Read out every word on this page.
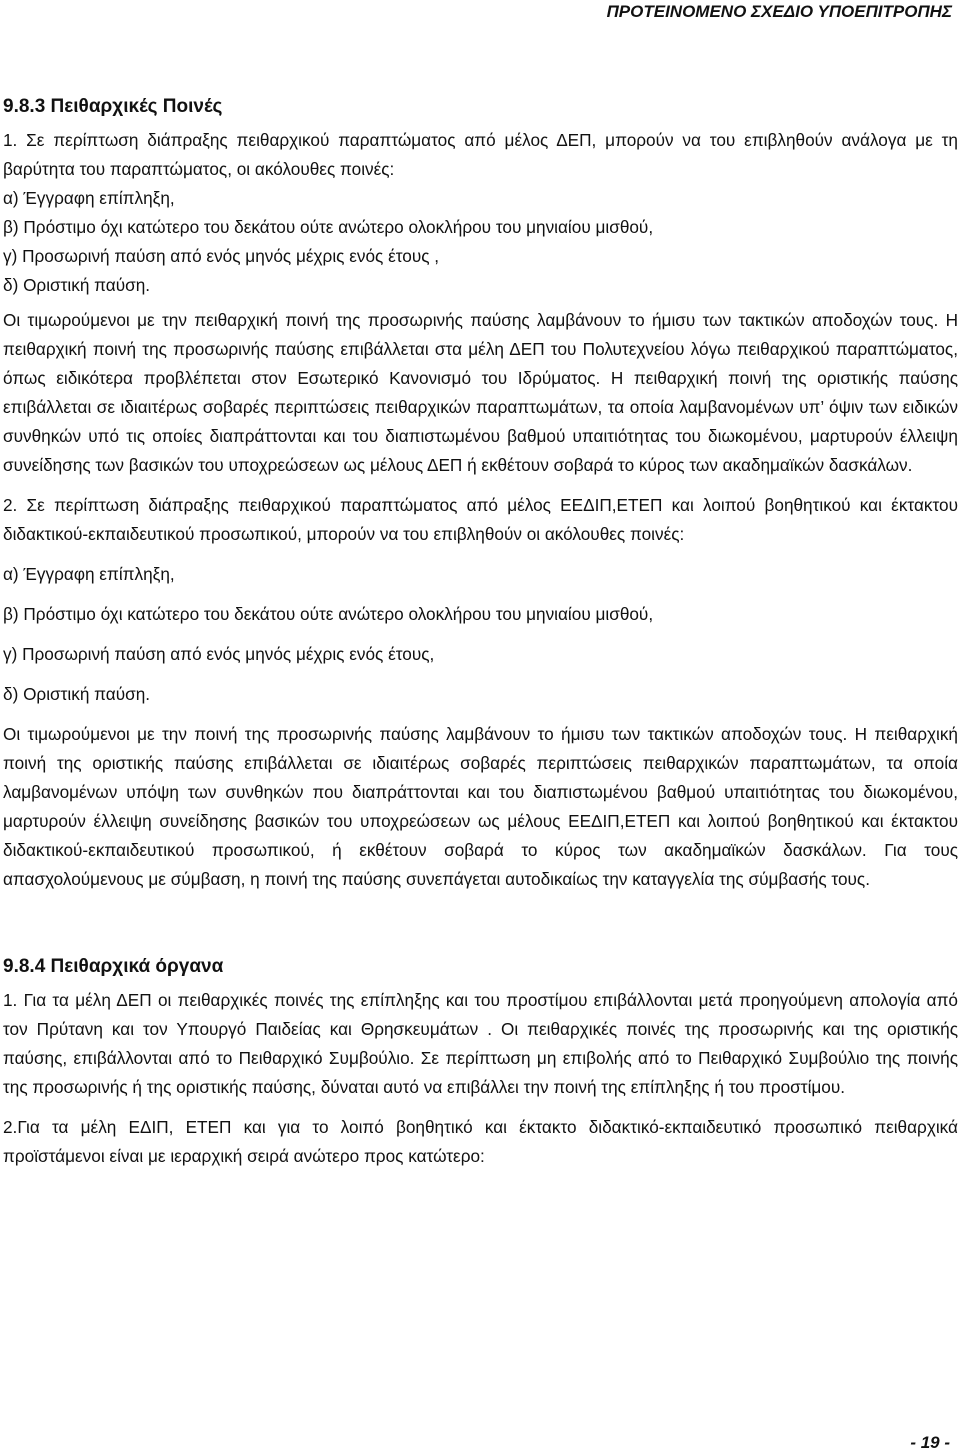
ΠΡΟΤΕΙΝΟΜΕΝΟ ΣΧΕΔΙΟ ΥΠΟΕΠΙΤΡΟΠΗΣ
9.8.3 Πειθαρχικές Ποινές

1. Σε περίπτωση διάπραξης πειθαρχικού παραπτώματος από μέλος ΔΕΠ, μπορούν να του επιβληθούν ανάλογα με τη βαρύτητα του παραπτώματος, οι ακόλουθες ποινές:

α) Έγγραφη επίπληξη,

β) Πρόστιμο όχι κατώτερο του δεκάτου ούτε ανώτερο ολοκλήρου του μηνιαίου μισθού,

γ) Προσωρινή παύση από ενός μηνός μέχρις ενός έτους ,

δ) Οριστική παύση.

Οι τιμωρούμενοι με την πειθαρχική ποινή της προσωρινής παύσης λαμβάνουν το ήμισυ των τακτικών αποδοχών τους. Η πειθαρχική ποινή της προσωρινής παύσης επιβάλλεται στα μέλη ΔΕΠ του Πολυτεχνείου λόγω πειθαρχικού παραπτώματος, όπως ειδικότερα προβλέπεται στον Εσωτερικό Κανονισμό του Ιδρύματος. Η πειθαρχική ποινή της οριστικής παύσης επιβάλλεται σε ιδιαιτέρως σοβαρές περιπτώσεις πειθαρχικών παραπτωμάτων, τα οποία λαμβανομένων υπ’ όψιν των ειδικών συνθηκών υπό τις οποίες διαπράττονται και του διαπιστωμένου βαθμού υπαιτιότητας του διωκομένου, μαρτυρούν έλλειψη συνείδησης των βασικών του υποχρεώσεων ως μέλους ΔΕΠ ή εκθέτουν σοβαρά το κύρος των ακαδημαϊκών δασκάλων.

2. Σε περίπτωση διάπραξης πειθαρχικού παραπτώματος από μέλος ΕΕΔΙΠ,ΕΤΕΠ και λοιπού βοηθητικού και έκτακτου διδακτικού-εκπαιδευτικού προσωπικού, μπορούν να του επιβληθούν οι ακόλουθες ποινές:

α) Έγγραφη επίπληξη,

β) Πρόστιμο όχι κατώτερο του δεκάτου ούτε ανώτερο ολοκλήρου του μηνιαίου μισθού,

γ) Προσωρινή παύση από ενός μηνός μέχρις ενός έτους,

δ) Οριστική παύση.

Οι τιμωρούμενοι με την ποινή της προσωρινής παύσης λαμβάνουν το ήμισυ των τακτικών αποδοχών τους. Η πειθαρχική ποινή της οριστικής παύσης επιβάλλεται σε ιδιαιτέρως σοβαρές περιπτώσεις πειθαρχικών παραπτωμάτων, τα οποία λαμβανομένων υπόψη των συνθηκών που διαπράττονται και του διαπιστωμένου βαθμού υπαιτιότητας του διωκομένου, μαρτυρούν έλλειψη συνείδησης βασικών του υποχρεώσεων ως μέλους ΕΕΔΙΠ,ΕΤΕΠ και λοιπού βοηθητικού και έκτακτου διδακτικού-εκπαιδευτικού προσωπικού, ή εκθέτουν σοβαρά το κύρος των ακαδημαϊκών δασκάλων. Για τους απασχολούμενους με σύμβαση, η ποινή της παύσης συνεπάγεται αυτοδικαίως την καταγγελία της σύμβασής τους.

9.8.4 Πειθαρχικά όργανα

1. Για τα μέλη ΔΕΠ οι πειθαρχικές ποινές της επίπληξης και του προστίμου επιβάλλονται μετά προηγούμενη απολογία από τον Πρύτανη και τον Υπουργό Παιδείας και Θρησκευμάτων . Οι πειθαρχικές ποινές της προσωρινής και της οριστικής παύσης, επιβάλλονται από το Πειθαρχικό Συμβούλιο. Σε περίπτωση μη επιβολής από το Πειθαρχικό Συμβούλιο της ποινής της προσωρινής ή της οριστικής παύσης, δύναται αυτό να επιβάλλει την ποινή της επίπληξης ή του προστίμου.

2.Για τα μέλη ΕΔΙΠ, ΕΤΕΠ και για το λοιπό βοηθητικό και έκτακτο διδακτικό-εκπαιδευτικό προσωπικό πειθαρχικά προϊστάμενοι είναι με ιεραρχική σειρά ανώτερο προς κατώτερο:

- 19 -
